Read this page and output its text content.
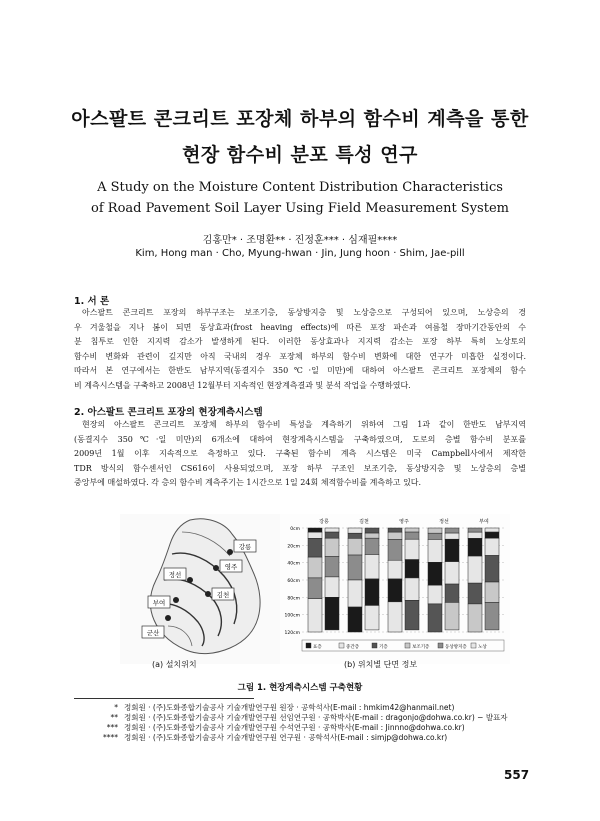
아스팔트 콘크리트 포장체 하부의 함수비 계측을 통한
현장 함수비 분포 특성 연구
A Study on the Moisture Content Distribution Characteristics
of Road Pavement Soil Layer Using Field Measurement System
김홍만* · 조명환** · 진정훈*** · 심재필****
Kim, Hong man · Cho, Myung-hwan · Jin, Jung hoon · Shim, Jae-pill
1. 서 론
아스팔트 콘크리트 포장의 하부구조는 보조기층, 동상방지층 및 노상층으로 구성되어 있으며, 노상층의 경
우 겨울철을 지나 봄이 되면 동상효과(frost heaving effects)에 따른 포장 파손과 여름철 장마기간동안의 수
분 침투로 인한 지지력 감소가 발생하게 된다. 이러한 동상효과나 지지력 감소는 포장 하부 특히 노상토의
함수비 변화와 관련이 깊지만 아직 국내의 경우 포장체 하부의 함수비 변화에 대한 연구가 미흡한 실정이다.
따라서 본 연구에서는 한반도 남부지역(동결지수 350℃·일 미만)에 대하여 아스팔트 콘크리트 포장체의 함수
비 계측시스템을 구축하고 2008년 12월부터 지속적인 현장계측결과 및 분석 작업을 수행하였다.
2. 아스팔트 콘크리트 포장의 현장계측시스템
현장의 아스팔트 콘크리트 포장체 하부의 함수비 특성을 계측하기 위하여 그림 1과 같이 한반도 남부지역
(동결지수 350℃·일 미만)의 6개소에 대하여 현장계측시스템을 구축하였으며, 도로의 층별 함수비 분포를
2009년 1월 이후 지속적으로 측정하고 있다. 구축된 함수비 계측 시스템은 미국 Campbell사에서 제작한
TDR 방식의 함수센서인 CS616이 사용되었으며, 포장 하부 구조인 보조기층, 동상방지층 및 노상층의 층별
중앙부에 매설하였다. 각 층의 함수비 계측주기는 1시간으로 1일 24회 체적함수비를 계측하고 있다.
강릉
영주
김천
정선
부여
군산
0cm
20cm
40cm
60cm
80cm
100cm
120cm
강릉	김천	영주	정선	부여
표층	중간층	기층	보조기층	동상방지층	노상
(a) 설치위치	(b) 위치별 단면 정보
그림 1. 현장계측시스템 구축현황
* 정회원 · (주)도화종합기술공사 기술개발연구원 원장 · 공학석사(E-mail : hmkim42@hanmail.net)
** 정회원 · (주)도화종합기술공사 기술개발연구원 선임연구원 · 공학박사(E-mail : dragonjo@dohwa.co.kr) − 발표자
*** 정회원 · (주)도화종합기술공사 기술개발연구원 수석연구원 · 공학박사(E-mail : Jinnno@dohwa.co.kr)
**** 정회원 · (주)도화종합기술공사 기술개발연구원 연구원 · 공학석사(E-mail : simjp@dohwa.co.kr)
557
